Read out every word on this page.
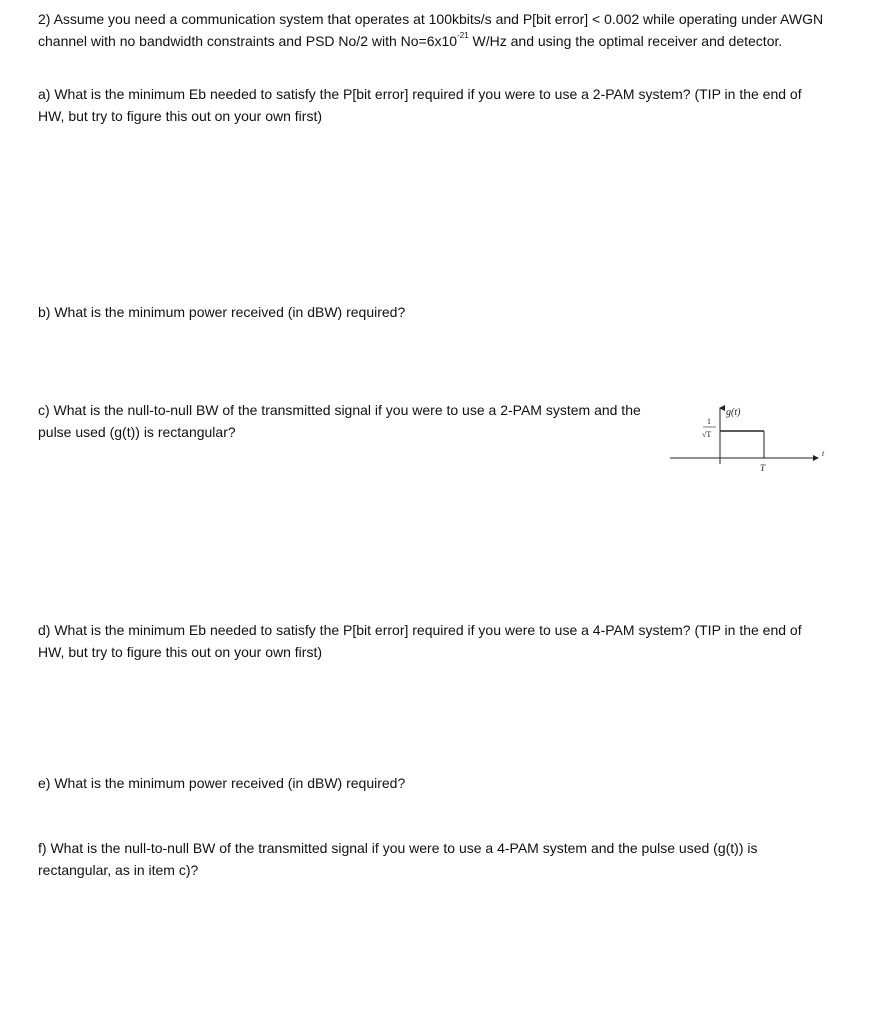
2) Assume you need a communication system that operates at 100kbits/s and P[bit error] < 0.002 while operating under AWGN channel with no bandwidth constraints and PSD No/2 with $No=6x10^{-21}$ W/Hz and using the optimal receiver and detector.

a) What is the minimum Eb needed to satisfy the P[bit error] required if you were to use a 2-PAM system? (TIP in the end of HW, but try to figure this out on your own first)

b) What is the minimum power received (in dBW) required?

c) What is the null-to-null BW of the transmitted signal if you were to use a 2-PAM system and the pulse used (g(t)) is rectangular?

g(t)
1
√T
T
t

d) What is the minimum Eb needed to satisfy the P[bit error] required if you were to use a 4-PAM system? (TIP in the end of HW, but try to figure this out on your own first)

e) What is the minimum power received (in dBW) required?

f) What is the null-to-null BW of the transmitted signal if you were to use a 4-PAM system and the pulse used (g(t)) is rectangular, as in item c)?
